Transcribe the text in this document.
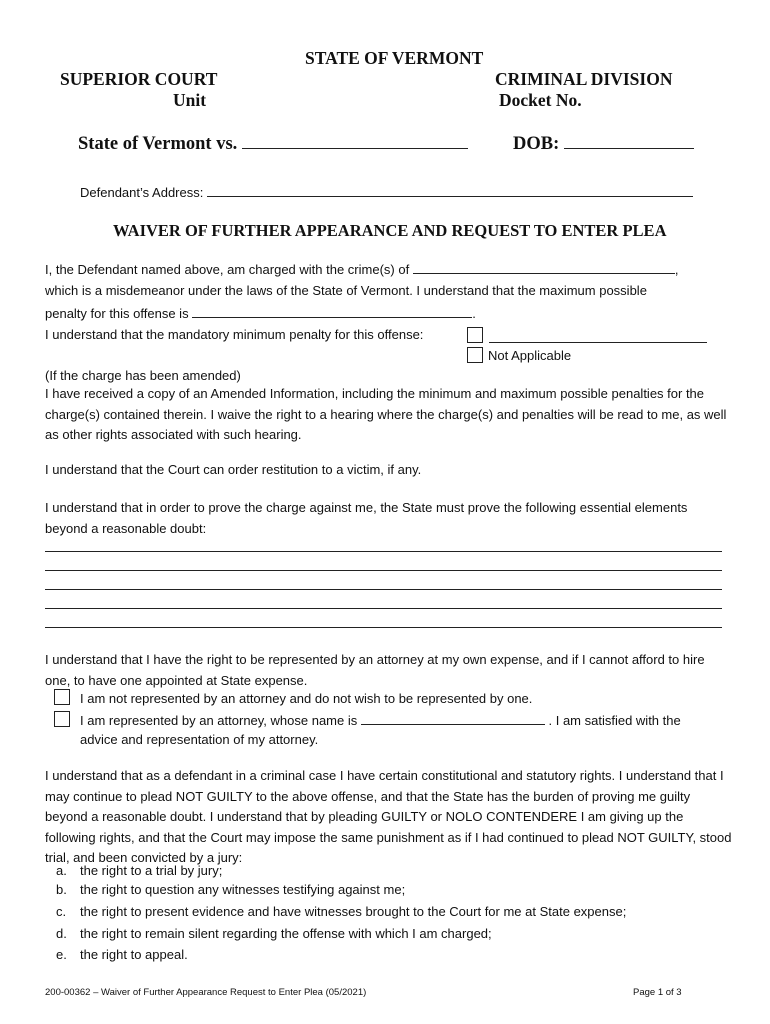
STATE OF VERMONT
SUPERIOR COURT
Unit
CRIMINAL DIVISION
Docket No.
State of Vermont vs.	DOB:
Defendant’s Address:
WAIVER OF FURTHER APPEARANCE AND REQUEST TO ENTER PLEA
I, the Defendant named above, am charged with the crime(s) of	,
which is a misdemeanor under the laws of the State of Vermont. I understand that the maximum possible
penalty for this offense is	.
I understand that the mandatory minimum penalty for this offense:
Not Applicable
(If the charge has been amended)
I have received a copy of an Amended Information, including the minimum and maximum possible penalties for the charge(s) contained therein. I waive the right to a hearing where the charge(s) and penalties will be read to me, as well as other rights associated with such hearing.
I understand that the Court can order restitution to a victim, if any.
I understand that in order to prove the charge against me, the State must prove the following essential elements beyond a reasonable doubt:
I understand that I have the right to be represented by an attorney at my own expense, and if I cannot afford to hire one, to have one appointed at State expense.
I am not represented by an attorney and do not wish to be represented by one.
I am represented by an attorney, whose name is	. I am satisfied with the
advice and representation of my attorney.
I understand that as a defendant in a criminal case I have certain constitutional and statutory rights. I understand that I may continue to plead NOT GUILTY to the above offense, and that the State has the burden of proving me guilty beyond a reasonable doubt. I understand that by pleading GUILTY or NOLO CONTENDERE I am giving up the following rights, and that the Court may impose the same punishment as if I had continued to plead NOT GUILTY, stood trial, and been convicted by a jury:
a. the right to a trial by jury;
b. the right to question any witnesses testifying against me;
c. the right to present evidence and have witnesses brought to the Court for me at State expense;
d. the right to remain silent regarding the offense with which I am charged;
e. the right to appeal.
200-00362 – Waiver of Further Appearance Request to Enter Plea (05/2021)	Page 1 of 3
